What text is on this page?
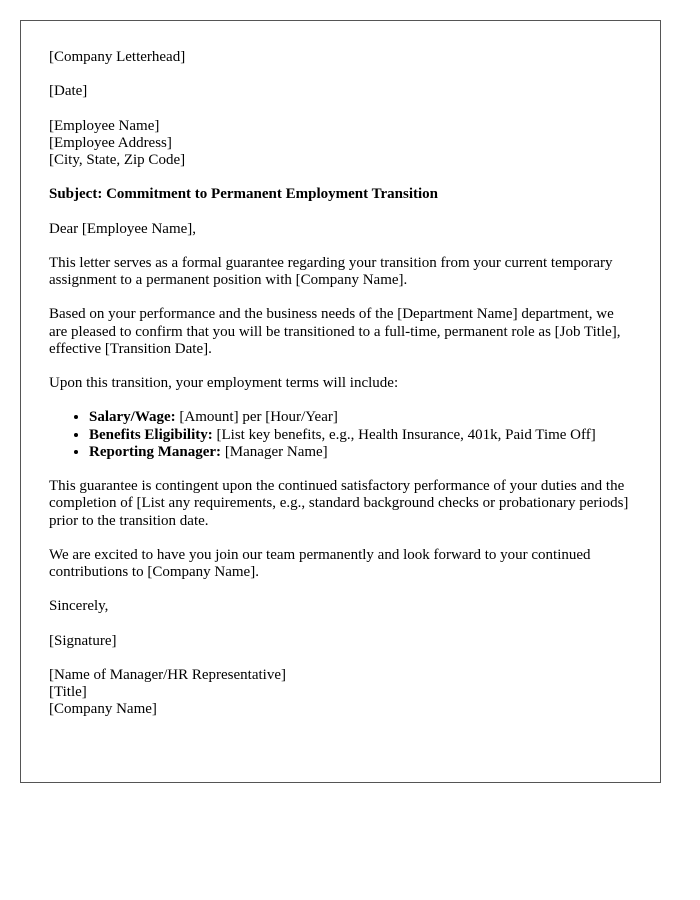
[Company Letterhead]

[Date]

[Employee Name]
[Employee Address]
[City, State, Zip Code]

Subject: Commitment to Permanent Employment Transition

Dear [Employee Name],

This letter serves as a formal guarantee regarding your transition from your current temporary assignment to a permanent position with [Company Name].

Based on your performance and the business needs of the [Department Name] department, we are pleased to confirm that you will be transitioned to a full-time, permanent role as [Job Title], effective [Transition Date].

Upon this transition, your employment terms will include:

• Salary/Wage: [Amount] per [Hour/Year]
• Benefits Eligibility: [List key benefits, e.g., Health Insurance, 401k, Paid Time Off]
• Reporting Manager: [Manager Name]

This guarantee is contingent upon the continued satisfactory performance of your duties and the completion of [List any requirements, e.g., standard background checks or probationary periods] prior to the transition date.

We are excited to have you join our team permanently and look forward to your continued contributions to [Company Name].

Sincerely,

[Signature]

[Name of Manager/HR Representative]
[Title]
[Company Name]
